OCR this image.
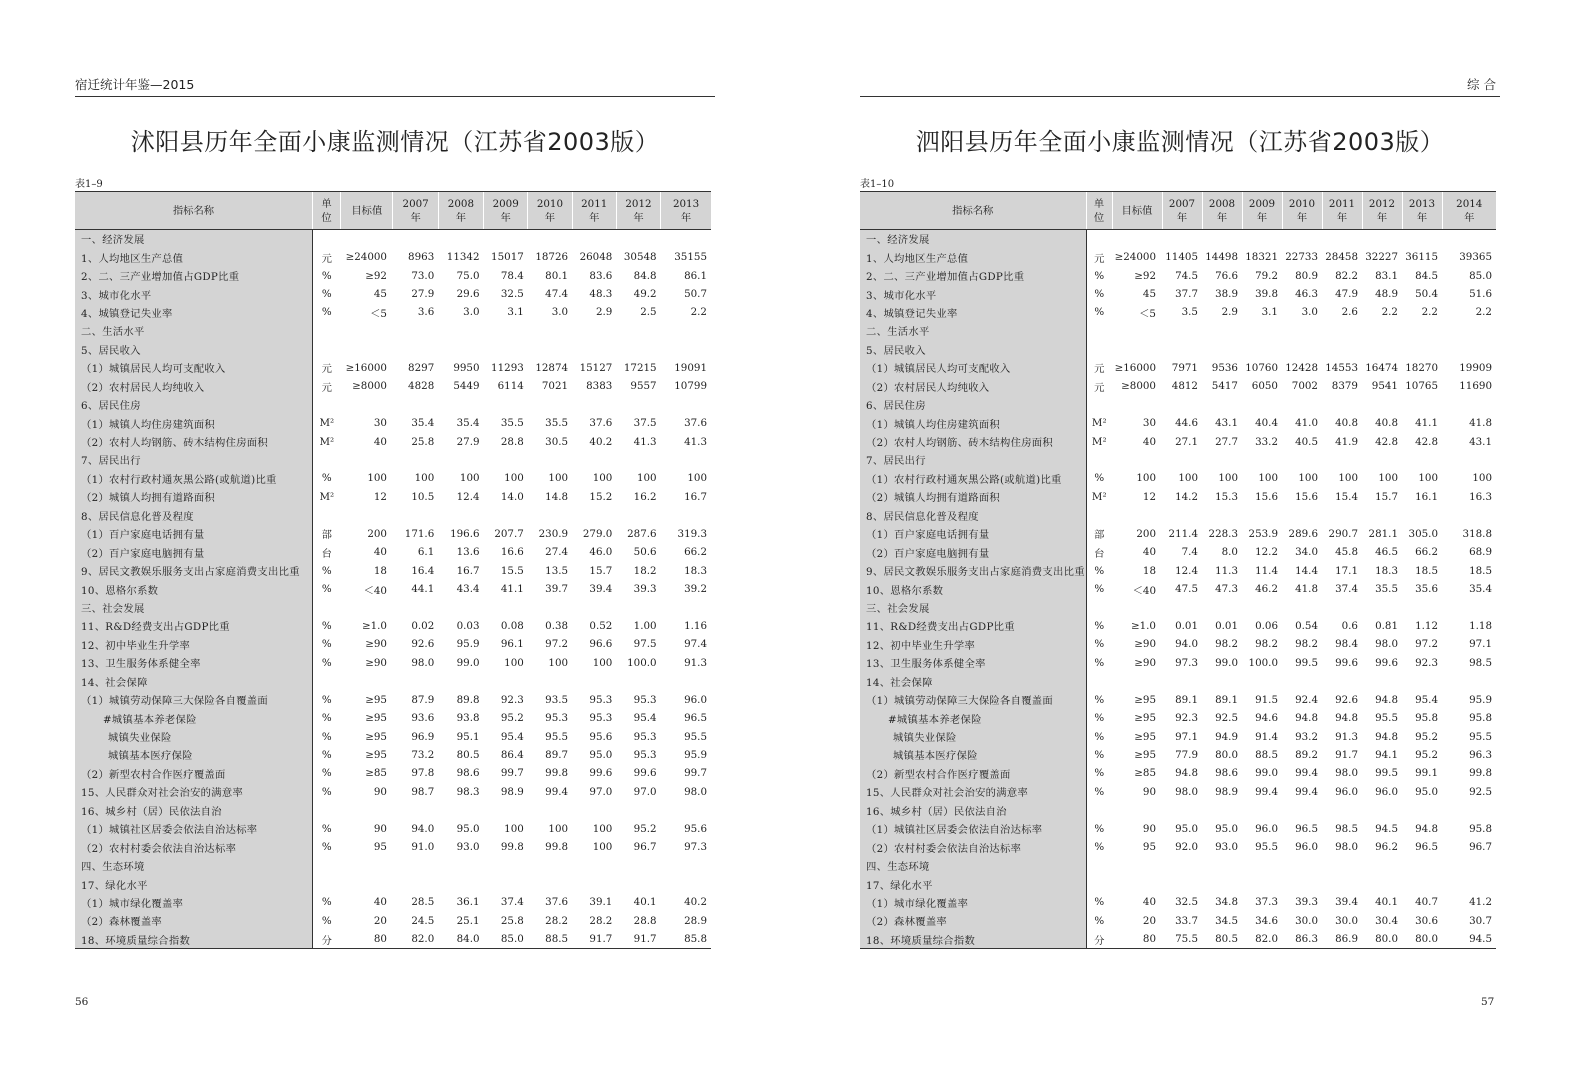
宿迁统计年鉴—2015
沭阳县历年全面小康监测情况（江苏省2003版）
表1–9
指标名称	单
位	目标值	2007
年	2008
年	2009
年	2010
年	2011
年	2012
年	2013
年

一、经济发展									
1、人均地区生产总值	元	≥24000	8963	11342	15017	18726	26048	30548	35155
2、二、三产业增加值占GDP比重	%	≥92	73.0	75.0	78.4	80.1	83.6	84.8	86.1
3、城市化水平	%	45	27.9	29.6	32.5	47.4	48.3	49.2	50.7
4、城镇登记失业率	%	＜5	3.6	3.0	3.1	3.0	2.9	2.5	2.2
二、生活水平									
5、居民收入									
（1）城镇居民人均可支配收入	元	≥16000	8297	9950	11293	12874	15127	17215	19091
（2）农村居民人均纯收入	元	≥8000	4828	5449	6114	7021	8383	9557	10799
6、居民住房									
（1）城镇人均住房建筑面积	M²	30	35.4	35.4	35.5	35.5	37.6	37.5	37.6
（2）农村人均钢筋、砖木结构住房面积	M²	40	25.8	27.9	28.8	30.5	40.2	41.3	41.3
7、居民出行									
（1）农村行政村通灰黑公路(或航道)比重	%	100	100	100	100	100	100	100	100
（2）城镇人均拥有道路面积	M²	12	10.5	12.4	14.0	14.8	15.2	16.2	16.7
8、居民信息化普及程度									
（1）百户家庭电话拥有量	部	200	171.6	196.6	207.7	230.9	279.0	287.6	319.3
（2）百户家庭电脑拥有量	台	40	6.1	13.6	16.6	27.4	46.0	50.6	66.2
9、居民文教娱乐服务支出占家庭消费支出比重	%	18	16.4	16.7	15.5	13.5	15.7	18.2	18.3
10、恩格尔系数	%	＜40	44.1	43.4	41.1	39.7	39.4	39.3	39.2
三、社会发展									
11、R&D经费支出占GDP比重	%	≥1.0	0.02	0.03	0.08	0.38	0.52	1.00	1.16
12、初中毕业生升学率	%	≥90	92.6	95.9	96.1	97.2	96.6	97.5	97.4
13、卫生服务体系健全率	%	≥90	98.0	99.0	100	100	100	100.0	91.3
14、社会保障									
（1）城镇劳动保障三大保险各自覆盖面	%	≥95	87.9	89.8	92.3	93.5	95.3	95.3	96.0
#城镇基本养老保险	%	≥95	93.6	93.8	95.2	95.3	95.3	95.4	96.5
城镇失业保险	%	≥95	96.9	95.1	95.4	95.5	95.6	95.3	95.5
城镇基本医疗保险	%	≥95	73.2	80.5	86.4	89.7	95.0	95.3	95.9
（2）新型农村合作医疗覆盖面	%	≥85	97.8	98.6	99.7	99.8	99.6	99.6	99.7
15、人民群众对社会治安的满意率	%	90	98.7	98.3	98.9	99.4	97.0	97.0	98.0
16、城乡村（居）民依法自治									
（1）城镇社区居委会依法自治达标率	%	90	94.0	95.0	100	100	100	95.2	95.6
（2）农村村委会依法自治达标率	%	95	91.0	93.0	99.8	99.8	100	96.7	97.3
四、生态环境									
17、绿化水平									
（1）城市绿化覆盖率	%	40	28.5	36.1	37.4	37.6	39.1	40.1	40.2
（2）森林覆盖率	%	20	24.5	25.1	25.8	28.2	28.2	28.8	28.9
18、环境质量综合指数	分	80	82.0	84.0	85.0	88.5	91.7	91.7	85.8
综合
泗阳县历年全面小康监测情况（江苏省2003版）
表1–10
指标名称	单
位	目标值	2007
年	2008
年	2009
年	2010
年	2011
年	2012
年	2013
年	2014
年

一、经济发展										
1、人均地区生产总值	元	≥24000	11405	14498	18321	22733	28458	32227	36115	39365
2、二、三产业增加值占GDP比重	%	≥92	74.5	76.6	79.2	80.9	82.2	83.1	84.5	85.0
3、城市化水平	%	45	37.7	38.9	39.8	46.3	47.9	48.9	50.4	51.6
4、城镇登记失业率	%	＜5	3.5	2.9	3.1	3.0	2.6	2.2	2.2	2.2
二、生活水平										
5、居民收入										
（1）城镇居民人均可支配收入	元	≥16000	7971	9536	10760	12428	14553	16474	18270	19909
（2）农村居民人均纯收入	元	≥8000	4812	5417	6050	7002	8379	9541	10765	11690
6、居民住房										
（1）城镇人均住房建筑面积	M²	30	44.6	43.1	40.4	41.0	40.8	40.8	41.1	41.8
（2）农村人均钢筋、砖木结构住房面积	M²	40	27.1	27.7	33.2	40.5	41.9	42.8	42.8	43.1
7、居民出行										
（1）农村行政村通灰黑公路(或航道)比重	%	100	100	100	100	100	100	100	100	100
（2）城镇人均拥有道路面积	M²	12	14.2	15.3	15.6	15.6	15.4	15.7	16.1	16.3
8、居民信息化普及程度										
（1）百户家庭电话拥有量	部	200	211.4	228.3	253.9	289.6	290.7	281.1	305.0	318.8
（2）百户家庭电脑拥有量	台	40	7.4	8.0	12.2	34.0	45.8	46.5	66.2	68.9
9、居民文教娱乐服务支出占家庭消费支出比重	%	18	12.4	11.3	11.4	14.4	17.1	18.3	18.5	18.5
10、恩格尔系数	%	＜40	47.5	47.3	46.2	41.8	37.4	35.5	35.6	35.4
三、社会发展										
11、R&D经费支出占GDP比重	%	≥1.0	0.01	0.01	0.06	0.54	0.6	0.81	1.12	1.18
12、初中毕业生升学率	%	≥90	94.0	98.2	98.2	98.2	98.4	98.0	97.2	97.1
13、卫生服务体系健全率	%	≥90	97.3	99.0	100.0	99.5	99.6	99.6	92.3	98.5
14、社会保障										
（1）城镇劳动保障三大保险各自覆盖面	%	≥95	89.1	89.1	91.5	92.4	92.6	94.8	95.4	95.9
#城镇基本养老保险	%	≥95	92.3	92.5	94.6	94.8	94.8	95.5	95.8	95.8
城镇失业保险	%	≥95	97.1	94.9	91.4	93.2	91.3	94.8	95.2	95.5
城镇基本医疗保险	%	≥95	77.9	80.0	88.5	89.2	91.7	94.1	95.2	96.3
（2）新型农村合作医疗覆盖面	%	≥85	94.8	98.6	99.0	99.4	98.0	99.5	99.1	99.8
15、人民群众对社会治安的满意率	%	90	98.0	98.9	99.4	99.4	96.0	96.0	95.0	92.5
16、城乡村（居）民依法自治										
（1）城镇社区居委会依法自治达标率	%	90	95.0	95.0	96.0	96.5	98.5	94.5	94.8	95.8
（2）农村村委会依法自治达标率	%	95	92.0	93.0	95.5	96.0	98.0	96.2	96.5	96.7
四、生态环境										
17、绿化水平										
（1）城市绿化覆盖率	%	40	32.5	34.8	37.3	39.3	39.4	40.1	40.7	41.2
（2）森林覆盖率	%	20	33.7	34.5	34.6	30.0	30.0	30.4	30.6	30.7
18、环境质量综合指数	分	80	75.5	80.5	82.0	86.3	86.9	80.0	80.0	94.5
56	57
